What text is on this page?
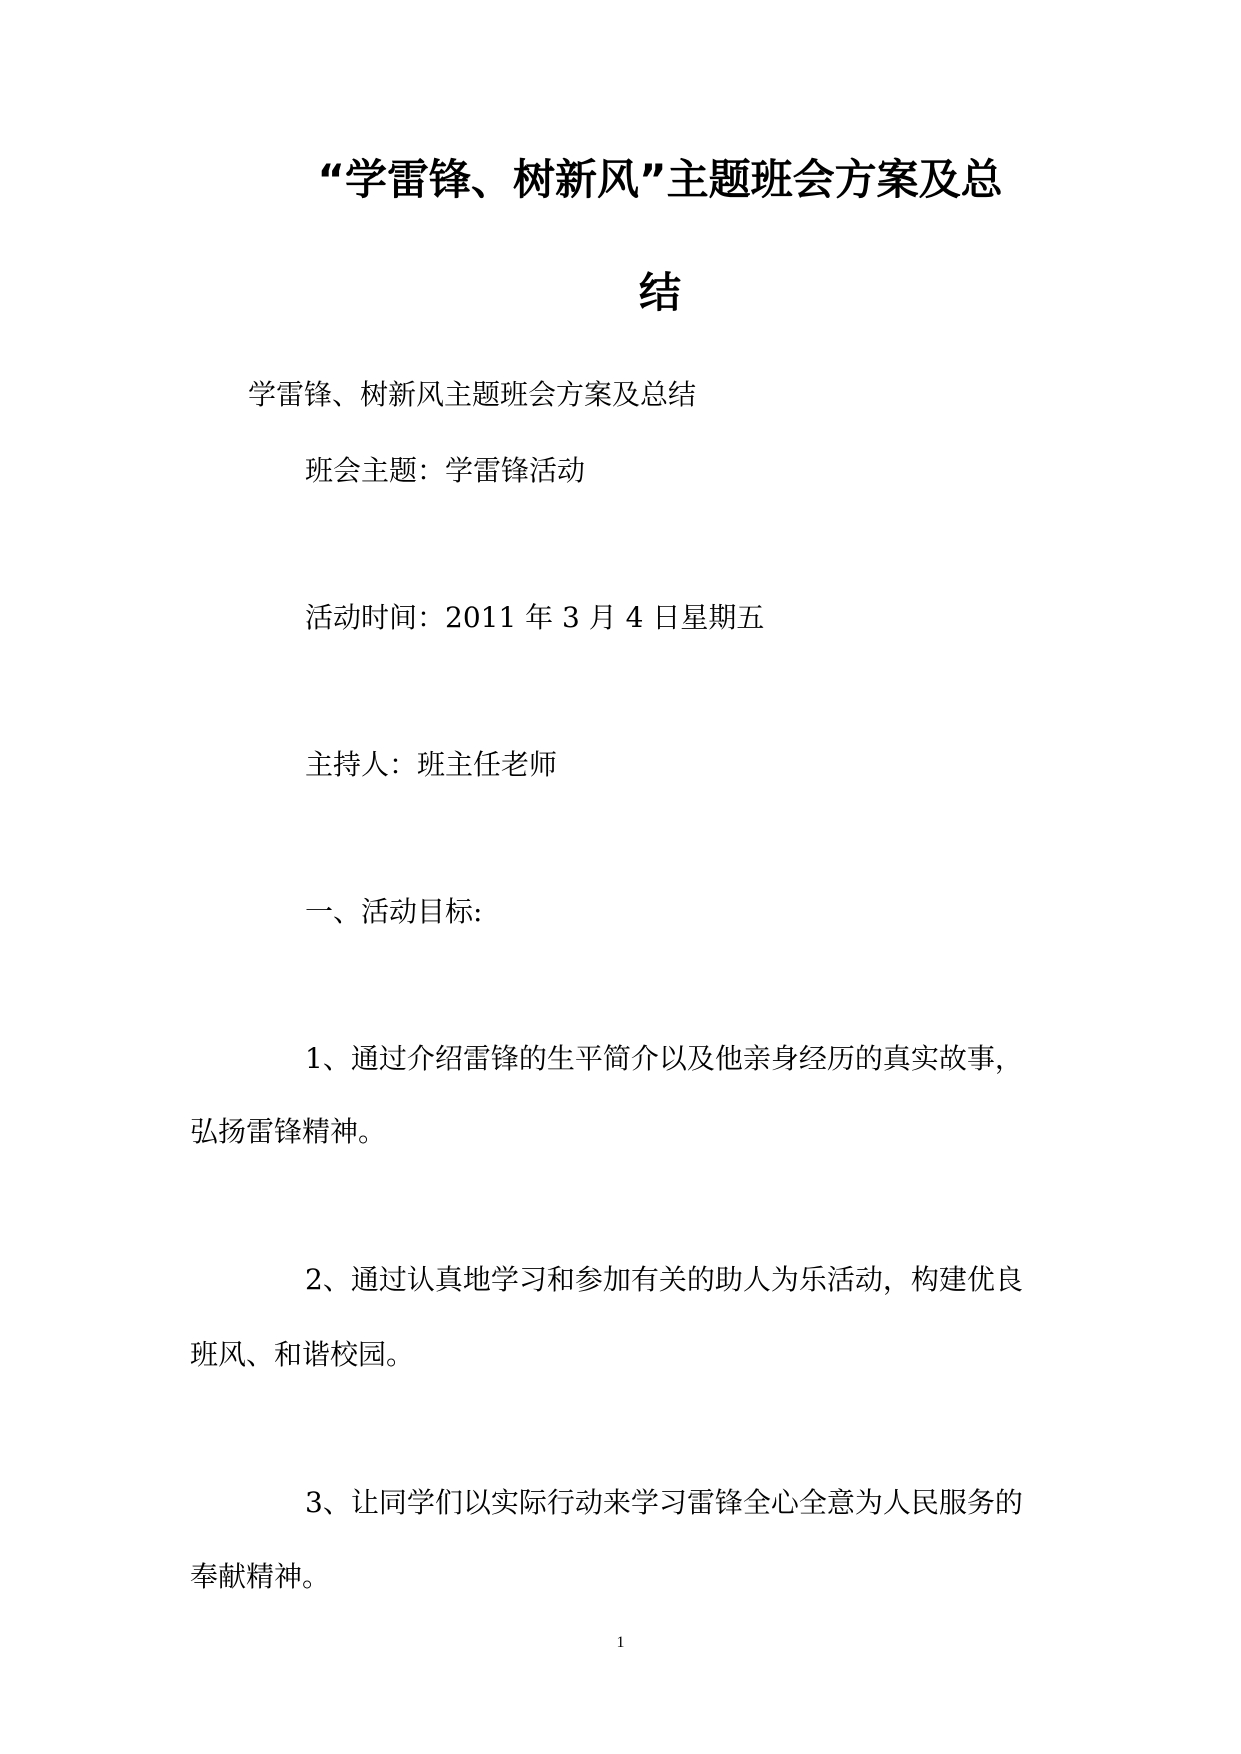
“学雷锋、树新风”主题班会方案及总
结
学雷锋、树新风主题班会方案及总结
班会主题：学雷锋活动
活动时间：2011 年 3 月 4 日星期五
主持人：班主任老师
一、活动目标:
1、通过介绍雷锋的生平简介以及他亲身经历的真实故事，
弘扬雷锋精神。
2、通过认真地学习和参加有关的助人为乐活动，构建优良
班风、和谐校园。
3、让同学们以实际行动来学习雷锋全心全意为人民服务的
奉献精神。
1
